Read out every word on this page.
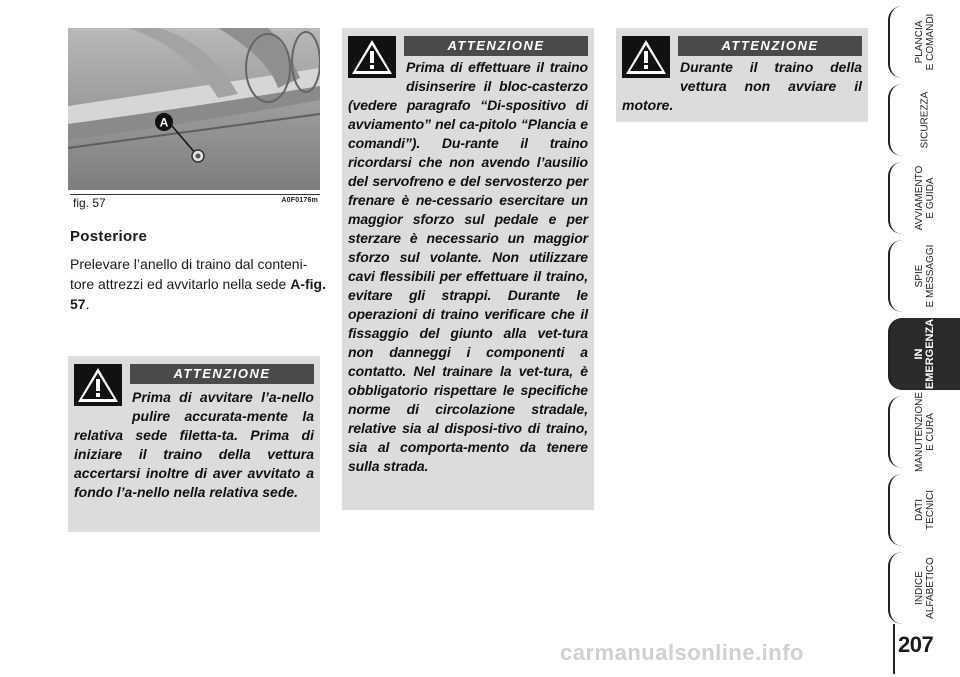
A
fig. 57	A0F0176m
Posteriore
Prelevare l’anello di traino dal conteni-tore attrezzi ed avvitarlo nella sede A-fig. 57.
ATTENZIONE
Prima di avvitare l’a-nello pulire accurata-mente la relativa sede filetta-ta. Prima di iniziare il traino della vettura accertarsi inoltre di aver avvitato a fondo l’a-nello nella relativa sede.
ATTENZIONE
Prima di effettuare il traino disinserire il bloc-casterzo (vedere paragrafo “Di-spositivo di avviamento” nel ca-pitolo “Plancia e comandi”). Du-rante il traino ricordarsi che non avendo l’ausilio del servofreno e del servosterzo per frenare è ne-cessario esercitare un maggior sforzo sul pedale e per sterzare è necessario un maggior sforzo sul volante. Non utilizzare cavi flessibili per effettuare il traino, evitare gli strappi. Durante le operazioni di traino verificare che il fissaggio del giunto alla vet-tura non danneggi i componenti a contatto. Nel trainare la vet-tura, è obbligatorio rispettare le specifiche norme di circolazione stradale, relative sia al disposi-tivo di traino, sia al comporta-mento da tenere sulla strada.
ATTENZIONE
Durante il traino della vettura non avviare il motore.
PLANCIA
E COMANDI
SICUREZZA
AVVIAMENTO
E GUIDA
SPIE
E MESSAGGI
IN
EMERGENZA
MANUTENZIONE
E CURA
DATI
TECNICI
INDICE
ALFABETICO
207
carmanualsonline.info
